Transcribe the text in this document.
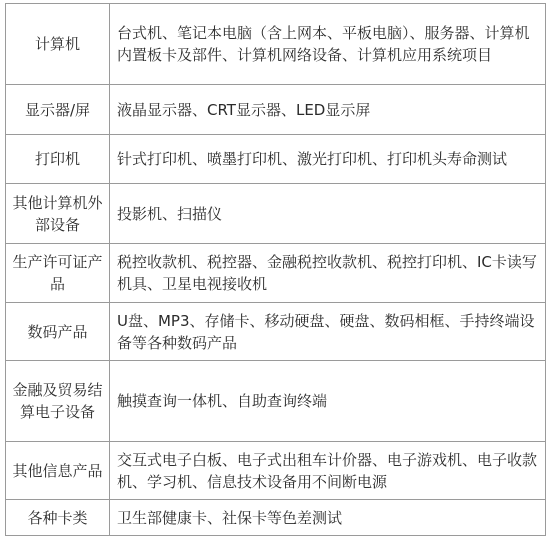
计算机	台式机、笔记本电脑（含上网本、平板电脑）、服务器、计算机内置板卡及部件、计算机网络设备、计算机应用系统项目
显示器/屏	液晶显示器、CRT显示器、LED显示屏
打印机	针式打印机、喷墨打印机、激光打印机、打印机头寿命测试
其他计算机外部设备	投影机、扫描仪
生产许可证产品	税控收款机、税控器、金融税控收款机、税控打印机、IC卡读写机具、卫星电视接收机
数码产品	U盘、MP3、存储卡、移动硬盘、硬盘、数码相框、手持终端设备等各种数码产品
金融及贸易结算电子设备	触摸查询一体机、自助查询终端
其他信息产品	交互式电子白板、电子式出租车计价器、电子游戏机、电子收款机、学习机、信息技术设备用不间断电源
各种卡类	卫生部健康卡、社保卡等色差测试
